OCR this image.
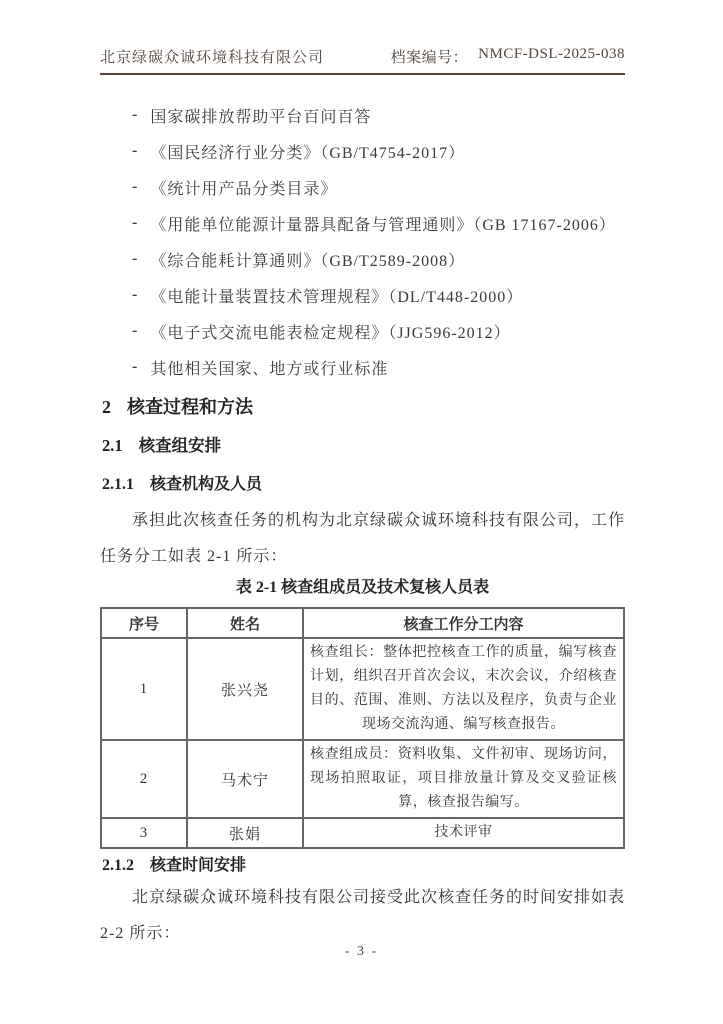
北京绿碳众诚环境科技有限公司	档案编号： NMCF-DSL-2025-038
- 国家碳排放帮助平台百问百答
- 《国民经济行业分类》（GB/T4754-2017）
- 《统计用产品分类目录》
- 《用能单位能源计量器具配备与管理通则》（GB 17167-2006）
- 《综合能耗计算通则》（GB/T2589-2008）
- 《电能计量装置技术管理规程》（DL/T448-2000）
- 《电子式交流电能表检定规程》（JJG596-2012）
- 其他相关国家、地方或行业标准
2 核查过程和方法
2.1 核查组安排
2.1.1 核查机构及人员

承担此次核查任务的机构为北京绿碳众诚环境科技有限公司，工作任务分工如表 2-1 所示：

表 2-1 核查组成员及技术复核人员表
序号	姓名	核查工作分工内容
1	张兴尧	核查组长：整体把控核查工作的质量，编写核查计划，组织召开首次会议，末次会议，介绍核查目的、范围、准则、方法以及程序，负责与企业现场交流沟通、编写核查报告。
2	马术宁	核查组成员：资料收集、文件初审、现场访问，现场拍照取证，项目排放量计算及交叉验证核算，核查报告编写。
3	张娟	技术评审
2.1.2 核查时间安排

北京绿碳众诚环境科技有限公司接受此次核查任务的时间安排如表 2-2 所示：

- 3 -
